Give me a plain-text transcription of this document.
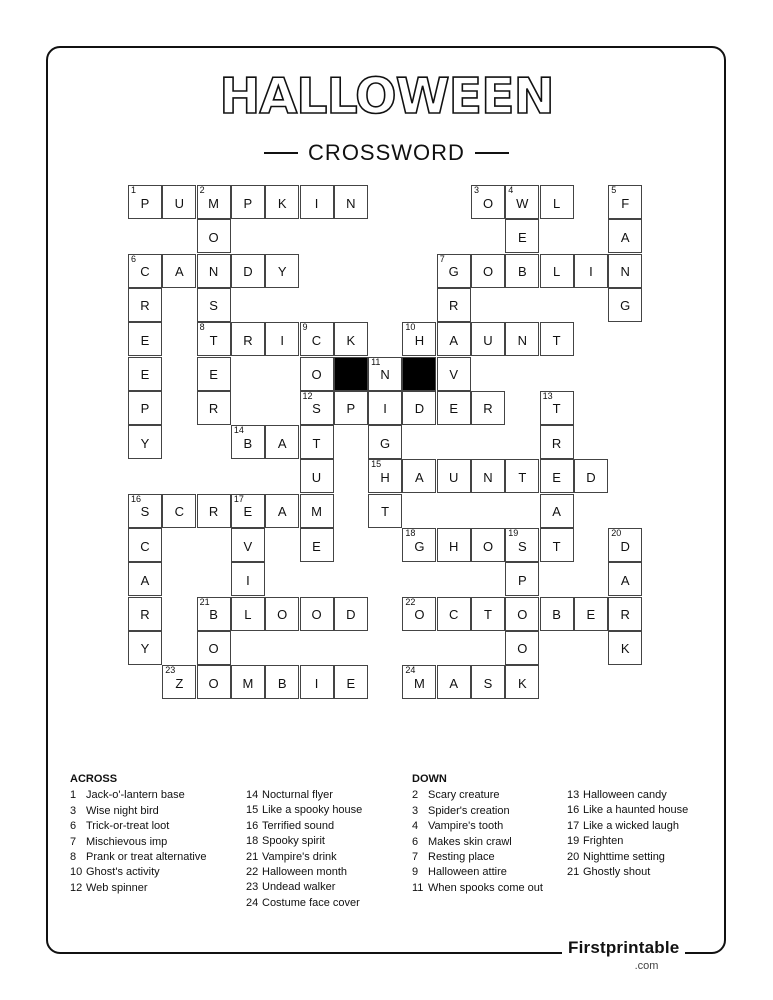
HALLOWEEN
CROSSWORD
1
P U
2
M P K I N
3
O
4
W L
5
F
O	E	A
6
C A N D Y
7
G O B L I N
R	S	R	G
E
8
T R I
9
C K
10
H A U N T
E	E	O
11
N	V
P	R
12
S P I D E R
13
T
Y
14
B A T	G	R
U
15
H A U N T E D
16
S C R
17
E A M	T	A
C	V	E
18
G H O
19
S T
20
D
A	I	P	A
R
21
B L O O D
22
O C T O B E R
Y	O	O	K
23
Z O M B I E
24
M A S K
ACROSS
1 Jack-o'-lantern base
3 Wise night bird
6 Trick-or-treat loot
7 Mischievous imp
8 Prank or treat alternative
10 Ghost's activity
12 Web spinner
14 Nocturnal flyer
15 Like a spooky house
16 Terrified sound
18 Spooky spirit
21 Vampire's drink
22 Halloween month
23 Undead walker
24 Costume face cover
DOWN
2 Scary creature
3 Spider's creation
4 Vampire's tooth
6 Makes skin crawl
7 Resting place
9 Halloween attire
11 When spooks come out
13 Halloween candy
16 Like a haunted house
17 Like a wicked laugh
19 Frighten
20 Nighttime setting
21 Ghostly shout
Firstprintable
.com
